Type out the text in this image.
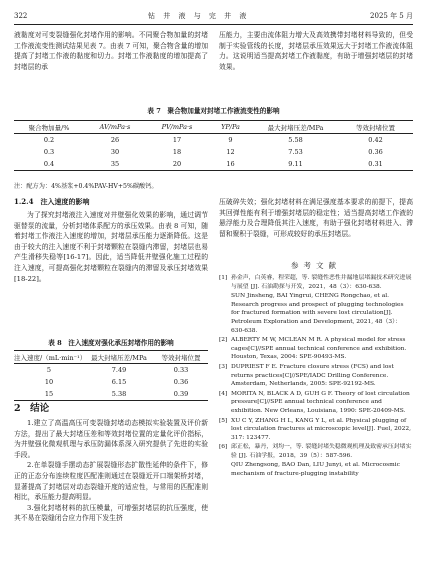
322	钻 井 液 与 完 井 液	2025 年 5 月

液黏度对可变裂缝强化封堵作用的影响。不同聚合物加量的封堵工作液流变性测试结果见表 7。由表 7 可知，聚合物含量的增加提高了封堵工作液的黏度和切力。封堵工作液黏度的增加提高了封堵层的承

压能力，主要由流体阻力增大及高效携带封堵材料导致的，但受制于实验管线的长度，封堵层承压效果远大于封堵工作液流体阻力。这说明适当提高封堵工作液黏度，有助于增强封堵层的封堵效果。

表 7　聚合物加量对封堵工作液流变性的影响
聚合物加量/%	AV/mPa·s	PV/mPa·s	YP/Pa	最大封堵压差/MPa	等效封堵位置
0.2	26	17	9	5.58	0.42
0.3	30	18	12	7.53	0.36
0.4	35	20	16	9.11	0.31
注：配方为：4%基浆+0.4%PAV-HV+5%碳酸钙。
1.2.4　注入速度的影响

为了探究封堵液注入速度对井壁强化效果的影响，通过调节驱替泵的流量，分析封堵体系配方的承压效果。由表 8 可知，随着封堵工作液注入速度的增加，封堵层承压能力逐渐降低。这是由于较大的注入速度不利于封堵颗粒在裂缝内滞留，封堵层也易产生滑移失稳等[16-17]。因此，适当降低井壁强化施工过程的注入速度，可提高强化封堵颗粒在裂缝内的滞留及承压封堵效果[18-22]。

表 8　注入速度对强化承压封堵作用的影响
注入速度/（mL·min⁻¹）	最大封堵压差/MPa	等效封堵位置
5	7.49	0.33
10	6.15	0.36
15	5.38	0.39
2　结论

1.建立了高温高压可变裂缝封堵动态模拟实验装置及评价新方法，提出了最大封堵压差和等效封堵位置的定量化评价指标，为井壁强化微观机理与承压防漏体系深入研究提供了先进的实验手段。

2.在单裂缝手摆动态扩展裂缝形态扩散性延伸的条件下，修正的正态分布连续粒度匹配准则通过在裂缝近开口端架桥封堵，显著提高了封堵层对动态裂缝开度的适应性，与常用的匹配准则相比，承压能力提高明显。

3.强化封堵材料的抗压模量，可增强封堵层的抗压强度，使其不易在裂缝闭合应力作用下发生挤

压破碎失效；强化封堵材料在满足强度基本要求的前提下，提高其回弹性能有利于增强封堵层的稳定性；适当提高封堵工作液的悬浮能力及合理降低其注入速度，有助于强化封堵材料进入、滞留和聚积于裂缝，可形成较好的承压封堵层。

参考文献
[1] 孙金声，白英睿，程荣超，等. 裂缝性恶性井漏地层堵漏技术研究进展与展望 [J]. 石油勘探与开发，2021，48（3）：630-638.
SUN Jinsheng, BAI Yingrui, CHENG Rongchao, et al. Research progress and prospect of plugging technologies for fractured formation with severe lost circulation[J]. Petroleum Exploration and Development, 2021, 48（3）：630-638.
[2] ALBERTY M W, MCLEAN M R. A physical model for stress cages[C]//SPE annual technical conference and exhibition. Houston, Texas, 2004: SPE-90493-MS.
[3] DUPRIEST F E. Fracture closure stress (FCS) and lost returns practices[C]//SPE/IADC Drilling Conference. Amsterdam, Netherlands, 2005: SPE-92192-MS.
[4] MORITA N, BLACK A D, GUH G F. Theory of lost circulation pressure[C]//SPE annual technical conference and exhibition. New Orleans, Louisiana, 1990: SPE-20409-MS.
[5] XU C Y, ZHANG H L, KANG Y L, et al. Physical plugging of lost circulation fractures at microscopic level[J]. Fuel, 2022, 317: 123477.
[6] 邱正松，暴丹，刘均一，等. 裂缝封堵失稳微观机理及致密承压封堵实验 [J]. 石油学报，2018，39（5）：587-596.
QIU Zhengsong, BAO Dan, LIU Junyi, et al. Microcosmic mechanism of fracture-plugging instability
